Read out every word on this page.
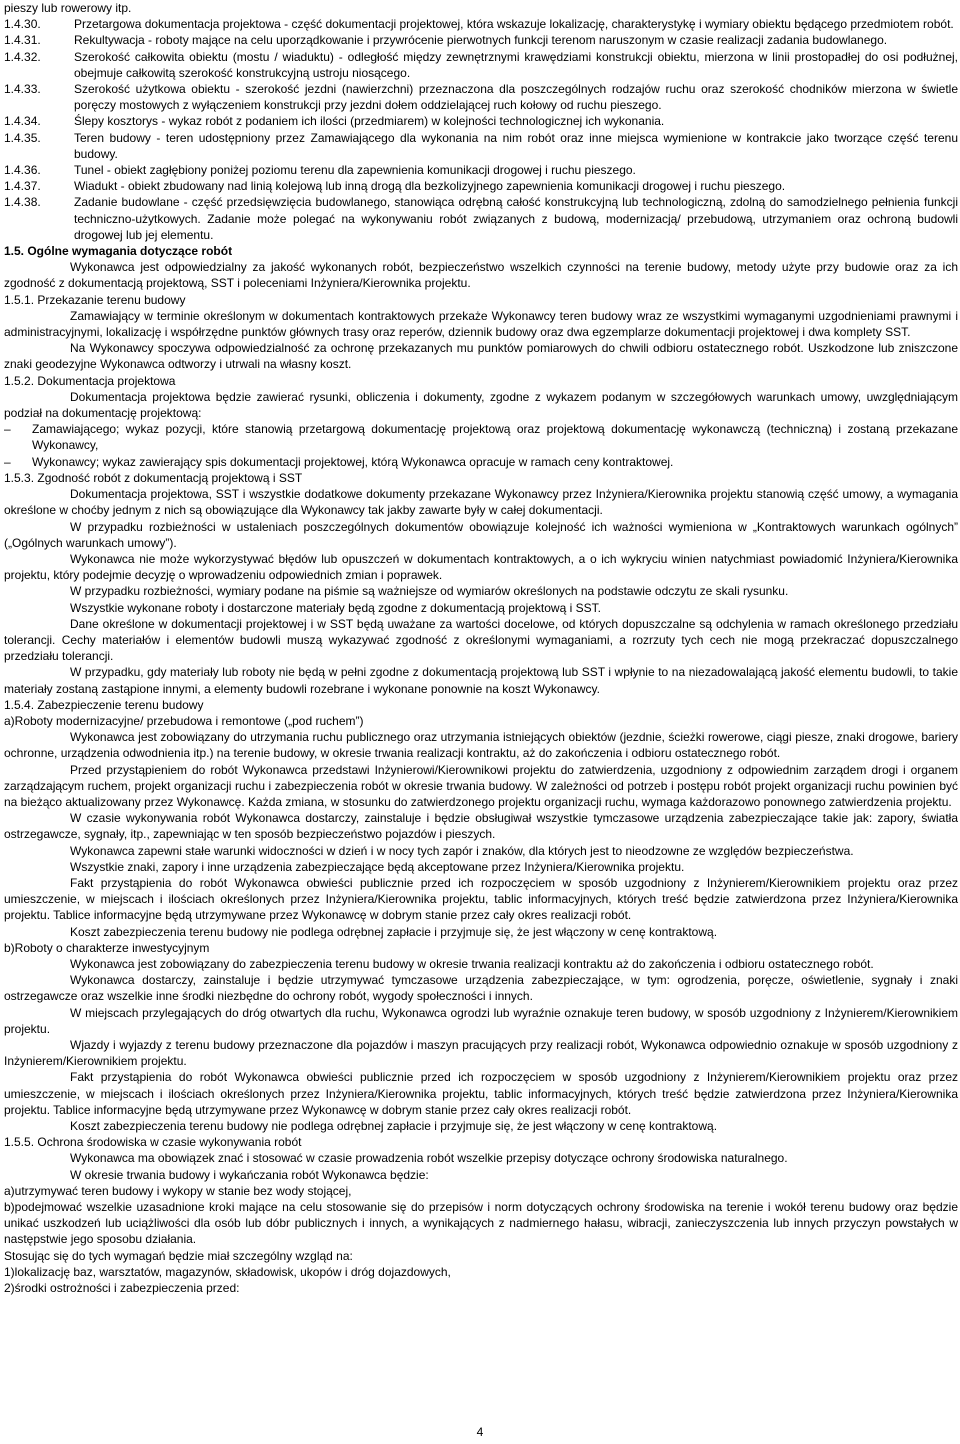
pieszy lub rowerowy itp.

1.4.30.	Przetargowa dokumentacja projektowa - część dokumentacji projektowej, która wskazuje lokalizację, charakterystykę i wymiary obiektu będącego przedmiotem robót.

1.4.31.	Rekultywacja - roboty mające na celu uporządkowanie i przywrócenie pierwotnych funkcji terenom naruszonym w czasie realizacji zadania budowlanego.

1.4.32.	Szerokość całkowita obiektu (mostu / wiaduktu) - odległość między zewnętrznymi krawędziami konstrukcji obiektu, mierzona w linii prostopadłej do osi podłużnej, obejmuje całkowitą szerokość konstrukcyjną ustroju niosącego.

1.4.33.	Szerokość użytkowa obiektu - szerokość jezdni (nawierzchni) przeznaczona dla poszczególnych rodzajów ruchu oraz szerokość chodników mierzona w świetle poręczy mostowych z wyłączeniem konstrukcji przy jezdni dołem oddzielającej ruch kołowy od ruchu pieszego.

1.4.34.	Ślepy kosztorys - wykaz robót z podaniem ich ilości (przedmiarem) w kolejności technologicznej ich wykonania.

1.4.35.	Teren budowy - teren udostępniony przez Zamawiającego dla wykonania na nim robót oraz inne miejsca wymienione w kontrakcie jako tworzące część terenu budowy.

1.4.36.	Tunel - obiekt zagłębiony poniżej poziomu terenu dla zapewnienia komunikacji drogowej i ruchu pieszego.

1.4.37.	Wiadukt - obiekt zbudowany nad linią kolejową lub inną drogą dla bezkolizyjnego zapewnienia komunikacji drogowej i ruchu pieszego.

1.4.38.	Zadanie budowlane - część przedsięwzięcia budowlanego, stanowiąca odrębną całość konstrukcyjną lub technologiczną, zdolną do samodzielnego pełnienia funkcji techniczno-użytkowych. Zadanie może polegać na wykonywaniu robót związanych z budową, modernizacją/ przebudową, utrzymaniem oraz ochroną budowli drogowej lub jej elementu.

1.5. Ogólne wymagania dotyczące robót

Wykonawca jest odpowiedzialny za jakość wykonanych robót, bezpieczeństwo wszelkich czynności na terenie budowy, metody użyte przy budowie oraz za ich zgodność z dokumentacją projektową, SST i poleceniami Inżyniera/Kierownika projektu.

1.5.1. Przekazanie terenu budowy

Zamawiający w terminie określonym w dokumentach kontraktowych przekaże Wykonawcy teren budowy wraz ze wszystkimi wymaganymi uzgodnieniami prawnymi i administracyjnymi, lokalizację i współrzędne punktów głównych trasy oraz reperów, dziennik budowy oraz dwa egzemplarze dokumentacji projektowej i dwa komplety SST.

Na Wykonawcy spoczywa odpowiedzialność za ochronę przekazanych mu punktów pomiarowych do chwili odbioru ostatecznego robót. Uszkodzone lub zniszczone znaki geodezyjne Wykonawca odtworzy i utrwali na własny koszt.

1.5.2. Dokumentacja projektowa

Dokumentacja projektowa będzie zawierać rysunki, obliczenia i dokumenty, zgodne z wykazem podanym w szczegółowych warunkach umowy, uwzględniającym podział na dokumentację projektową:

– Zamawiającego; wykaz pozycji, które stanowią przetargową dokumentację projektową oraz projektową dokumentację wykonawczą (techniczną) i zostaną przekazane Wykonawcy,

– Wykonawcy; wykaz zawierający spis dokumentacji projektowej, którą Wykonawca opracuje w ramach ceny kontraktowej.

1.5.3. Zgodność robót z dokumentacją projektową i SST

Dokumentacja projektowa, SST i wszystkie dodatkowe dokumenty przekazane Wykonawcy przez Inżyniera/Kierownika projektu stanowią część umowy, a wymagania określone w choćby jednym z nich są obowiązujące dla Wykonawcy tak jakby zawarte były w całej dokumentacji.

W przypadku rozbieżności w ustaleniach poszczególnych dokumentów obowiązuje kolejność ich ważności wymieniona w „Kontraktowych warunkach ogólnych” („Ogólnych warunkach umowy”).

Wykonawca nie może wykorzystywać błędów lub opuszczeń w dokumentach kontraktowych, a o ich wykryciu winien natychmiast powiadomić Inżyniera/Kierownika projektu, który podejmie decyzję o wprowadzeniu odpowiednich zmian i poprawek.

W przypadku rozbieżności, wymiary podane na piśmie są ważniejsze od wymiarów określonych na podstawie odczytu ze skali rysunku.

Wszystkie wykonane roboty i dostarczone materiały będą zgodne z dokumentacją projektową i SST.

Dane określone w dokumentacji projektowej i w SST będą uważane za wartości docelowe, od których dopuszczalne są odchylenia w ramach określonego przedziału tolerancji. Cechy materiałów i elementów budowli muszą wykazywać zgodność z określonymi wymaganiami, a rozrzuty tych cech nie mogą przekraczać dopuszczalnego przedziału tolerancji.

W przypadku, gdy materiały lub roboty nie będą w pełni zgodne z dokumentacją projektową lub SST i wpłynie to na niezadowalającą jakość elementu budowli, to takie materiały zostaną zastąpione innymi, a elementy budowli rozebrane i wykonane ponownie na koszt Wykonawcy.

1.5.4. Zabezpieczenie terenu budowy

a)Roboty modernizacyjne/ przebudowa i remontowe („pod ruchem”)

Wykonawca jest zobowiązany do utrzymania ruchu publicznego oraz utrzymania istniejących obiektów (jezdnie, ścieżki rowerowe, ciągi piesze, znaki drogowe, bariery ochronne, urządzenia odwodnienia itp.) na terenie budowy, w okresie trwania realizacji kontraktu, aż do zakończenia i odbioru ostatecznego robót.

Przed przystąpieniem do robót Wykonawca przedstawi Inżynierowi/Kierownikowi projektu do zatwierdzenia, uzgodniony z odpowiednim zarządem drogi i organem zarządzającym ruchem, projekt organizacji ruchu i zabezpieczenia robót w okresie trwania budowy. W zależności od potrzeb i postępu robót projekt organizacji ruchu powinien być na bieżąco aktualizowany przez Wykonawcę. Każda zmiana, w stosunku do zatwierdzonego projektu organizacji ruchu, wymaga każdorazowo ponownego zatwierdzenia projektu.

W czasie wykonywania robót Wykonawca dostarczy, zainstaluje i będzie obsługiwał wszystkie tymczasowe urządzenia zabezpieczające takie jak: zapory, światła ostrzegawcze, sygnały, itp., zapewniając w ten sposób bezpieczeństwo pojazdów i pieszych.

Wykonawca zapewni stałe warunki widoczności w dzień i w nocy tych zapór i znaków, dla których jest to nieodzowne ze względów bezpieczeństwa.

Wszystkie znaki, zapory i inne urządzenia zabezpieczające będą akceptowane przez Inżyniera/Kierownika projektu.

Fakt przystąpienia do robót Wykonawca obwieści publicznie przed ich rozpoczęciem w sposób uzgodniony z Inżynierem/Kierownikiem projektu oraz przez umieszczenie, w miejscach i ilościach określonych przez Inżyniera/Kierownika projektu, tablic informacyjnych, których treść będzie zatwierdzona przez Inżyniera/Kierownika projektu. Tablice informacyjne będą utrzymywane przez Wykonawcę w dobrym stanie przez cały okres realizacji robót.

Koszt zabezpieczenia terenu budowy nie podlega odrębnej zapłacie i przyjmuje się, że jest włączony w cenę kontraktową.

b)Roboty o charakterze inwestycyjnym

Wykonawca jest zobowiązany do zabezpieczenia terenu budowy w okresie trwania realizacji kontraktu aż do zakończenia i odbioru ostatecznego robót.

Wykonawca dostarczy, zainstaluje i będzie utrzymywać tymczasowe urządzenia zabezpieczające, w tym: ogrodzenia, poręcze, oświetlenie, sygnały i znaki ostrzegawcze oraz wszelkie inne środki niezbędne do ochrony robót, wygody społeczności i innych.

W miejscach przylegających do dróg otwartych dla ruchu, Wykonawca ogrodzi lub wyraźnie oznakuje teren budowy, w sposób uzgodniony z Inżynierem/Kierownikiem projektu.

Wjazdy i wyjazdy z terenu budowy przeznaczone dla pojazdów i maszyn pracujących przy realizacji robót, Wykonawca odpowiednio oznakuje w sposób uzgodniony z Inżynierem/Kierownikiem projektu.

Fakt przystąpienia do robót Wykonawca obwieści publicznie przed ich rozpoczęciem w sposób uzgodniony z Inżynierem/Kierownikiem projektu oraz przez umieszczenie, w miejscach i ilościach określonych przez Inżyniera/Kierownika projektu, tablic informacyjnych, których treść będzie zatwierdzona przez Inżyniera/Kierownika projektu. Tablice informacyjne będą utrzymywane przez Wykonawcę w dobrym stanie przez cały okres realizacji robót.

Koszt zabezpieczenia terenu budowy nie podlega odrębnej zapłacie i przyjmuje się, że jest włączony w cenę kontraktową.

1.5.5. Ochrona środowiska w czasie wykonywania robót

Wykonawca ma obowiązek znać i stosować w czasie prowadzenia robót wszelkie przepisy dotyczące ochrony środowiska naturalnego.

W okresie trwania budowy i wykańczania robót Wykonawca będzie:

a)utrzymywać teren budowy i wykopy w stanie bez wody stojącej,

b)podejmować wszelkie uzasadnione kroki mające na celu stosowanie się do przepisów i norm dotyczących ochrony środowiska na terenie i wokół terenu budowy oraz będzie unikać uszkodzeń lub uciążliwości dla osób lub dóbr publicznych i innych, a wynikających z nadmiernego hałasu, wibracji, zanieczyszczenia lub innych przyczyn powstałych w następstwie jego sposobu działania.

Stosując się do tych wymagań będzie miał szczególny wzgląd na:

1)lokalizację baz, warsztatów, magazynów, składowisk, ukopów i dróg dojazdowych,

2)środki ostrożności i zabezpieczenia przed:

4
